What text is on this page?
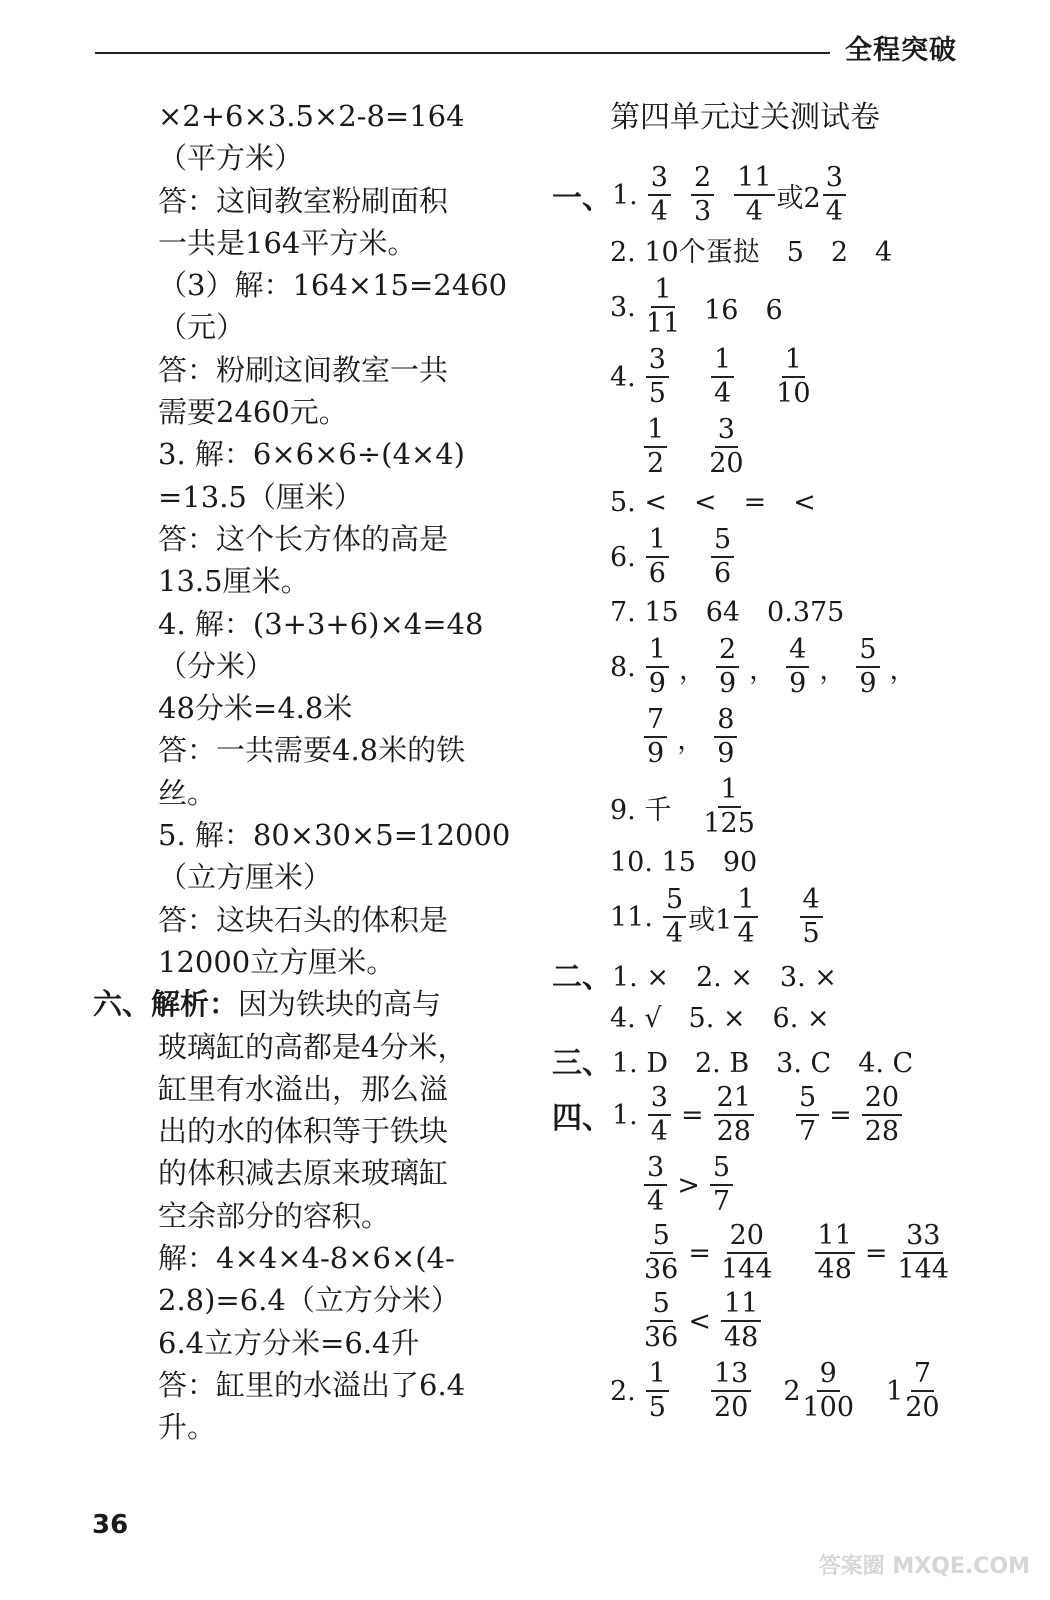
全程突破
×2+6×3.5×2-8=164
（平方米）
答：这间教室粉刷面积
一共是164平方米。
（3）解：164×15=2460
（元）
答：粉刷这间教室一共
需要2460元。
3. 解：6×6×6÷(4×4)
=13.5（厘米）
答：这个长方体的高是
13.5厘米。
4. 解：(3+3+6)×4=48
（分米）
48分米=4.8米
答：一共需要4.8米的铁
丝。
5. 解：80×30×5=12000
（立方厘米）
答：这块石头的体积是
12000立方厘米。
六、解析：因为铁块的高与
玻璃缸的高都是4分米，
缸里有水溢出，那么溢
出的水的体积等于铁块
的体积减去原来玻璃缸
空余部分的容积。
解：4×4×4-8×6×(4-
2.8)=6.4（立方分米）
6.4立方分米=6.4升
答：缸里的水溢出了6.4
升。
第四单元过关测试卷
一、 1. $\frac{3}{4} \frac{2}{3} \frac{11}{4}$ 或$2 \frac{3}{4}$
2. 10个蛋挞　5　2　4
3. $\frac{1}{11} 16$　6
4. $\frac{3}{5} \frac{1}{4} \frac{1}{10}$
$\frac{1}{2} \frac{3}{20}$
5. <　<　=　<
6. $\frac{1}{6} \frac{5}{6}$
7. 15　64　0.375
8. $\frac{1}{9}$ ， $\frac{2}{9}$ ， $\frac{4}{9}$ ， $\frac{5}{9}$ ，
$\frac{7}{9}$ ， $\frac{8}{9}$
9. 千 $\frac{1}{125}$
10. 15　90
11. $\frac{5}{4}$ 或$1 \frac{1}{4} \frac{4}{5}$
二、 1. ×　2. ×　3. ×
4. √　5. ×　6. ×
三、 1. D　2. B　3. C　4. C
四、 1. $\frac{3}{4} = \frac{21}{28} \frac{5}{7} = \frac{20}{28}$
$\frac{3}{4} > \frac{5}{7}$
$\frac{5}{36} = \frac{20}{144} \frac{11}{48} = \frac{33}{144}$
$\frac{5}{36} < \frac{11}{48}$
2. $\frac{1}{5} \frac{13}{20} 2 \frac{9}{100} 1 \frac{7}{20}$
36
答案圈 MXQE.COM
